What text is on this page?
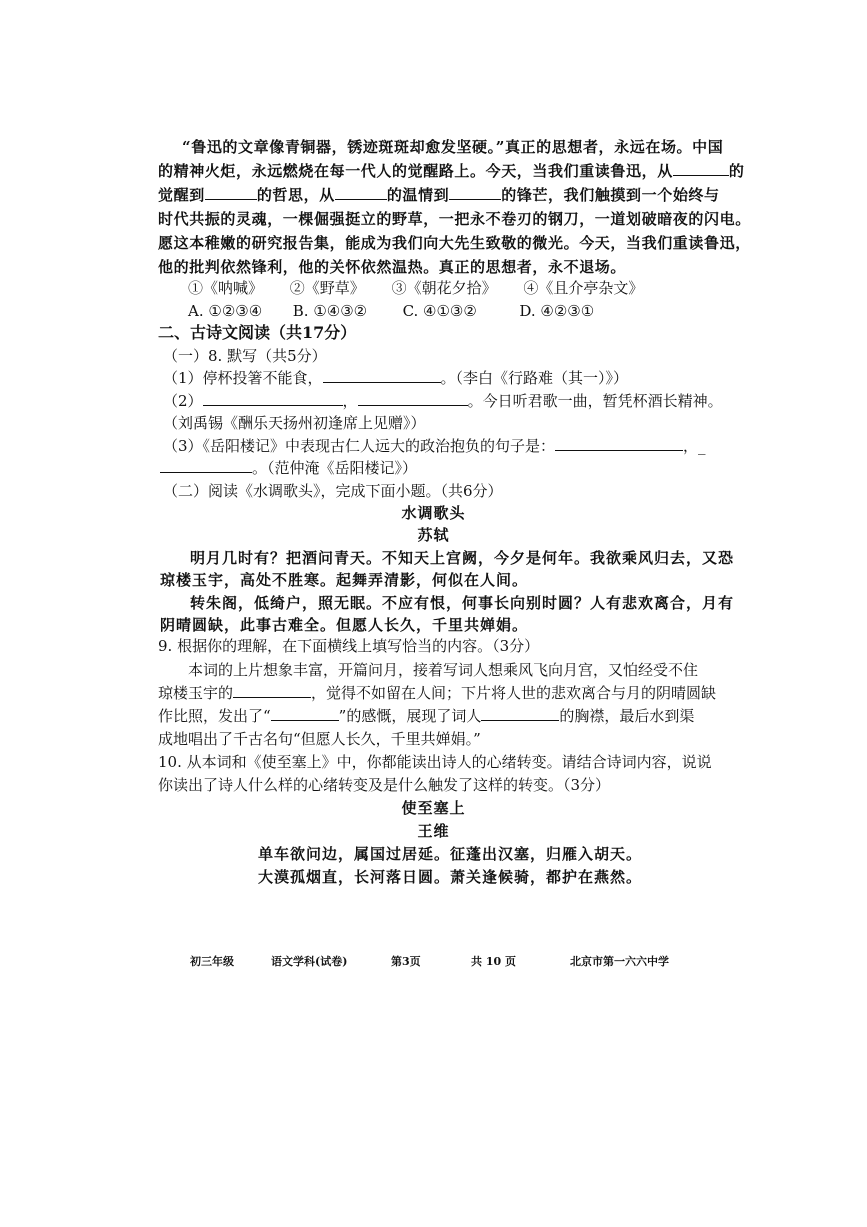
“鲁迅的文章像青铜器，锈迹斑斑却愈发坚硬。”真正的思想者，永远在场。中国
的精神火炬，永远燃烧在每一代人的觉醒路上。今天，当我们重读鲁迅，从	的
觉醒到	的哲思，从	的温情到	的锋芒，我们触摸到一个始终与
时代共振的灵魂，一棵倔强挺立的野草，一把永不卷刃的钢刀，一道划破暗夜的闪电。
愿这本稚嫩的研究报告集，能成为我们向大先生致敬的微光。今天，当我们重读鲁迅，
他的批判依然锋利，他的关怀依然温热。真正的思想者，永不退场。
①《呐喊》 ②《野草》 ③《朝花夕拾》 ④《且介亭杂文》
A. ①②③④ B. ①④③② C. ④①③②	D. ④②③①
二、古诗文阅读（共17分）
（一）8. 默写（共5分）
（1）停杯投箸不能食，	。（李白《行路难（其一）》）
（2）	，	。今日听君歌一曲，暂凭杯酒长精神。
（刘禹锡《酬乐天扬州初逢席上见赠》）
（3）《岳阳楼记》中表现古仁人远大的政治抱负的句子是：	，_
。（范仲淹《岳阳楼记》）
（二）阅读《水调歌头》，完成下面小题。（共6分）
水调歌头
苏轼
明月几时有？把酒问青天。不知天上宫阙，今夕是何年。我欲乘风归去，又恐
琼楼玉宇，高处不胜寒。起舞弄清影，何似在人间。
转朱阁，低绮户，照无眠。不应有恨，何事长向别时圆？人有悲欢离合，月有
阴晴圆缺，此事古难全。但愿人长久，千里共婵娟。
9. 根据你的理解，在下面横线上填写恰当的内容。（3分）
本词的上片想象丰富，开篇问月，接着写词人想乘风飞向月宫，又怕经受不住
琼楼玉宇的	，觉得不如留在人间；下片将人世的悲欢离合与月的阴晴圆缺
作比照，发出了“	”的感慨，展现了词人	的胸襟，最后水到渠
成地唱出了千古名句“但愿人长久，千里共婵娟。”
10. 从本词和《使至塞上》中，你都能读出诗人的心绪转变。请结合诗词内容，说说
你读出了诗人什么样的心绪转变及是什么触发了这样的转变。（3分）
使至塞上
王维
单车欲问边，属国过居延。征蓬出汉塞，归雁入胡天。
大漠孤烟直，长河落日圆。萧关逢候骑，都护在燕然。
初三年级	语文学科(试卷)	第3页	共 10 页	北京市第一六六中学
